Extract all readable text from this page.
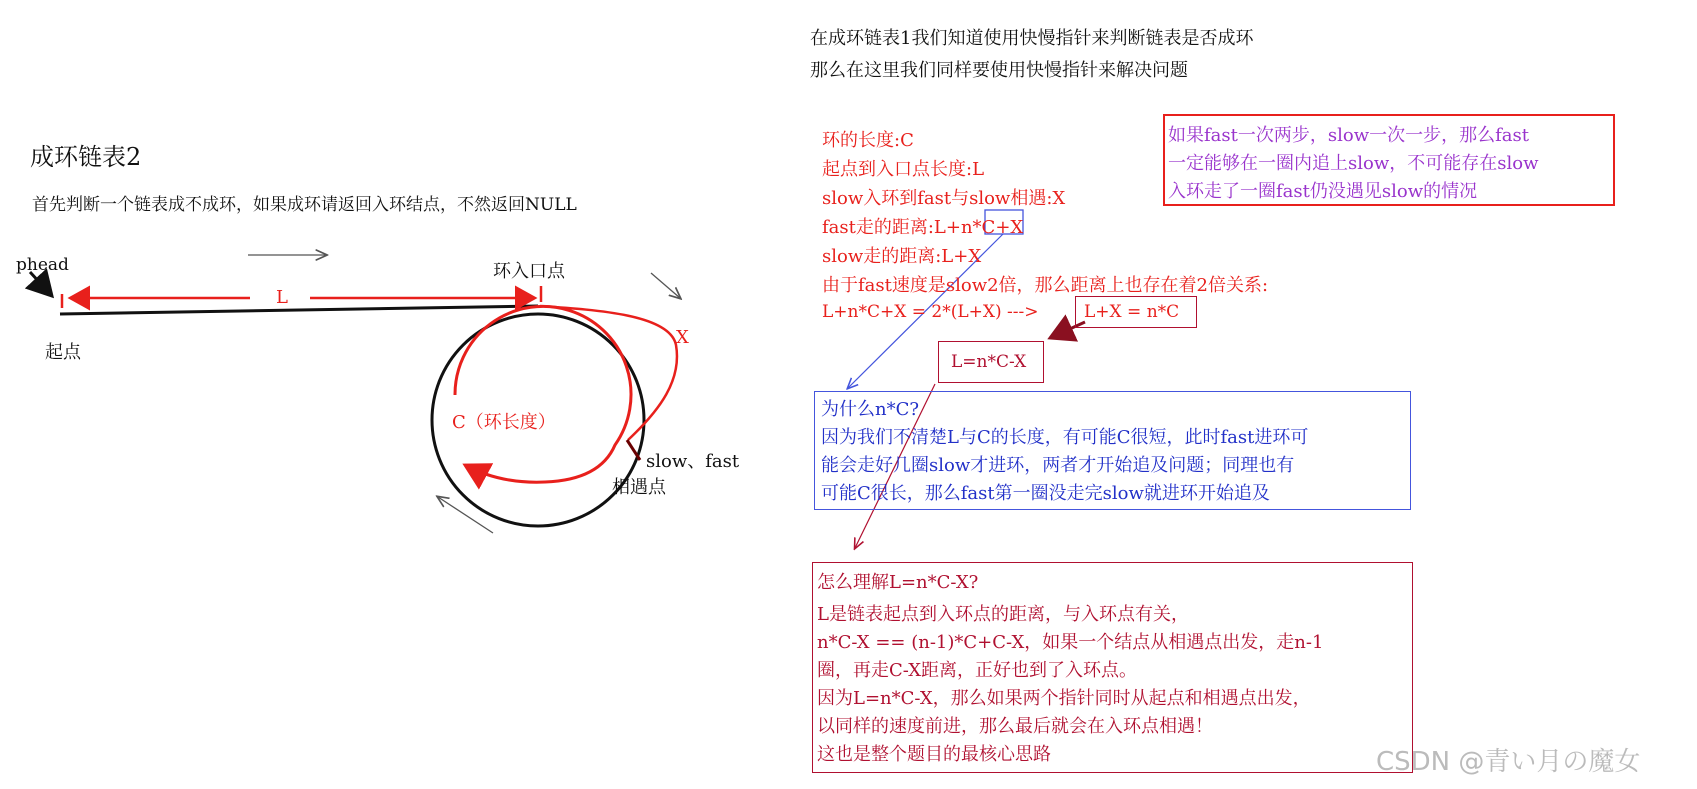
成环链表2
首先判断一个链表成不成环，如果成环请返回入环结点，不然返回NULL
phead
起点
L
环入口点
X
C（环长度）
slow、fast
相遇点
在成环链表1我们知道使用快慢指针来判断链表是否成环
那么在这里我们同样要使用快慢指针来解决问题
环的长度:C
起点到入口点长度:L
slow入环到fast与slow相遇:X
fast走的距离:L+n*C+X
slow走的距离:L+X
由于fast速度是slow2倍，那么距离上也存在着2倍关系:
L+n*C+X = 2*(L+X) --->	L+X = n*C
L=n*C-X
如果fast一次两步，slow一次一步，那么fast
一定能够在一圈内追上slow，不可能存在slow
入环走了一圈fast仍没遇见slow的情况
为什么n*C?
因为我们不清楚L与C的长度，有可能C很短，此时fast进环可
能会走好几圈slow才进环，两者才开始追及问题；同理也有
可能C很长，那么fast第一圈没走完slow就进环开始追及
怎么理解L=n*C-X?
L是链表起点到入环点的距离，与入环点有关，
n*C-X == (n-1)*C+C-X，如果一个结点从相遇点出发，走n-1
圈，再走C-X距离，正好也到了入环点。
因为L=n*C-X，那么如果两个指针同时从起点和相遇点出发，
以同样的速度前进，那么最后就会在入环点相遇！
这也是整个题目的最核心思路	CSDN @青い月の魔女
